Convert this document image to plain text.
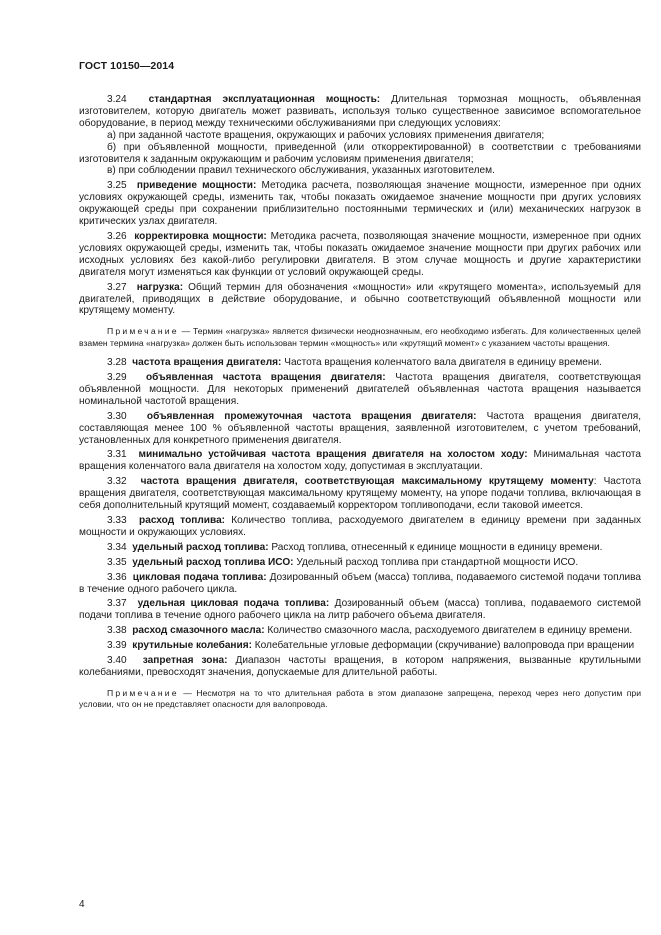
ГОСТ 10150—2014

3.24 стандартная эксплуатационная мощность: Длительная тормозная мощность, объявленная изготовителем, которую двигатель может развивать, используя только существенное зависимое вспомогательное оборудование, в период между техническими обслуживаниями при следующих условиях:

а) при заданной частоте вращения, окружающих и рабочих условиях применения двигателя;

б) при объявленной мощности, приведенной (или откорректированной) в соответствии с требованиями изготовителя к заданным окружающим и рабочим условиям применения двигателя;

в) при соблюдении правил технического обслуживания, указанных изготовителем.

3.25 приведение мощности: Методика расчета, позволяющая значение мощности, измеренное при одних условиях окружающей среды, изменить так, чтобы показать ожидаемое значение мощности при других условиях окружающей среды при сохранении приблизительно постоянными термических и (или) механических нагрузок в критических узлах двигателя.

3.26 корректировка мощности: Методика расчета, позволяющая значение мощности, измеренное при одних условиях окружающей среды, изменить так, чтобы показать ожидаемое значение мощности при других рабочих или исходных условиях без какой-либо регулировки двигателя. В этом случае мощность и другие характеристики двигателя могут изменяться как функции от условий окружающей среды.

3.27 нагрузка: Общий термин для обозначения «мощности» или «крутящего момента», используемый для двигателей, приводящих в действие оборудование, и обычно соответствующий объявленной мощности или крутящему моменту.

Примечание — Термин «нагрузка» является физически неоднозначным, его необходимо избегать. Для количественных целей взамен термина «нагрузка» должен быть использован термин «мощность» или «крутящий момент» с указанием частоты вращения.

3.28 частота вращения двигателя: Частота вращения коленчатого вала двигателя в единицу времени.

3.29 объявленная частота вращения двигателя: Частота вращения двигателя, соответствующая объявленной мощности. Для некоторых применений двигателей объявленная частота вращения называется номинальной частотой вращения.

3.30 объявленная промежуточная частота вращения двигателя: Частота вращения двигателя, составляющая менее 100 % объявленной частоты вращения, заявленной изготовителем, с учетом требований, установленных для конкретного применения двигателя.

3.31 минимально устойчивая частота вращения двигателя на холостом ходу: Минимальная частота вращения коленчатого вала двигателя на холостом ходу, допустимая в эксплуатации.

3.32 частота вращения двигателя, соответствующая максимальному крутящему моменту: Частота вращения двигателя, соответствующая максимальному крутящему моменту, на упоре подачи топлива, включающая в себя дополнительный крутящий момент, создаваемый корректором топливоподачи, если таковой имеется.

3.33 расход топлива: Количество топлива, расходуемого двигателем в единицу времени при заданных мощности и окружающих условиях.

3.34 удельный расход топлива: Расход топлива, отнесенный к единице мощности в единицу времени.

3.35 удельный расход топлива ИСО: Удельный расход топлива при стандартной мощности ИСО.

3.36 цикловая подача топлива: Дозированный объем (масса) топлива, подаваемого системой подачи топлива в течение одного рабочего цикла.

3.37 удельная цикловая подача топлива: Дозированный объем (масса) топлива, подаваемого системой подачи топлива в течение одного рабочего цикла на литр рабочего объема двигателя.

3.38 расход смазочного масла: Количество смазочного масла, расходуемого двигателем в единицу времени.

3.39 крутильные колебания: Колебательные угловые деформации (скручивание) валопровода при вращении

3.40 запретная зона: Диапазон частоты вращения, в котором напряжения, вызванные крутильными колебаниями, превосходят значения, допускаемые для длительной работы.

Примечание — Несмотря на то что длительная работа в этом диапазоне запрещена, переход через него допустим при условии, что он не представляет опасности для валопровода.

4
